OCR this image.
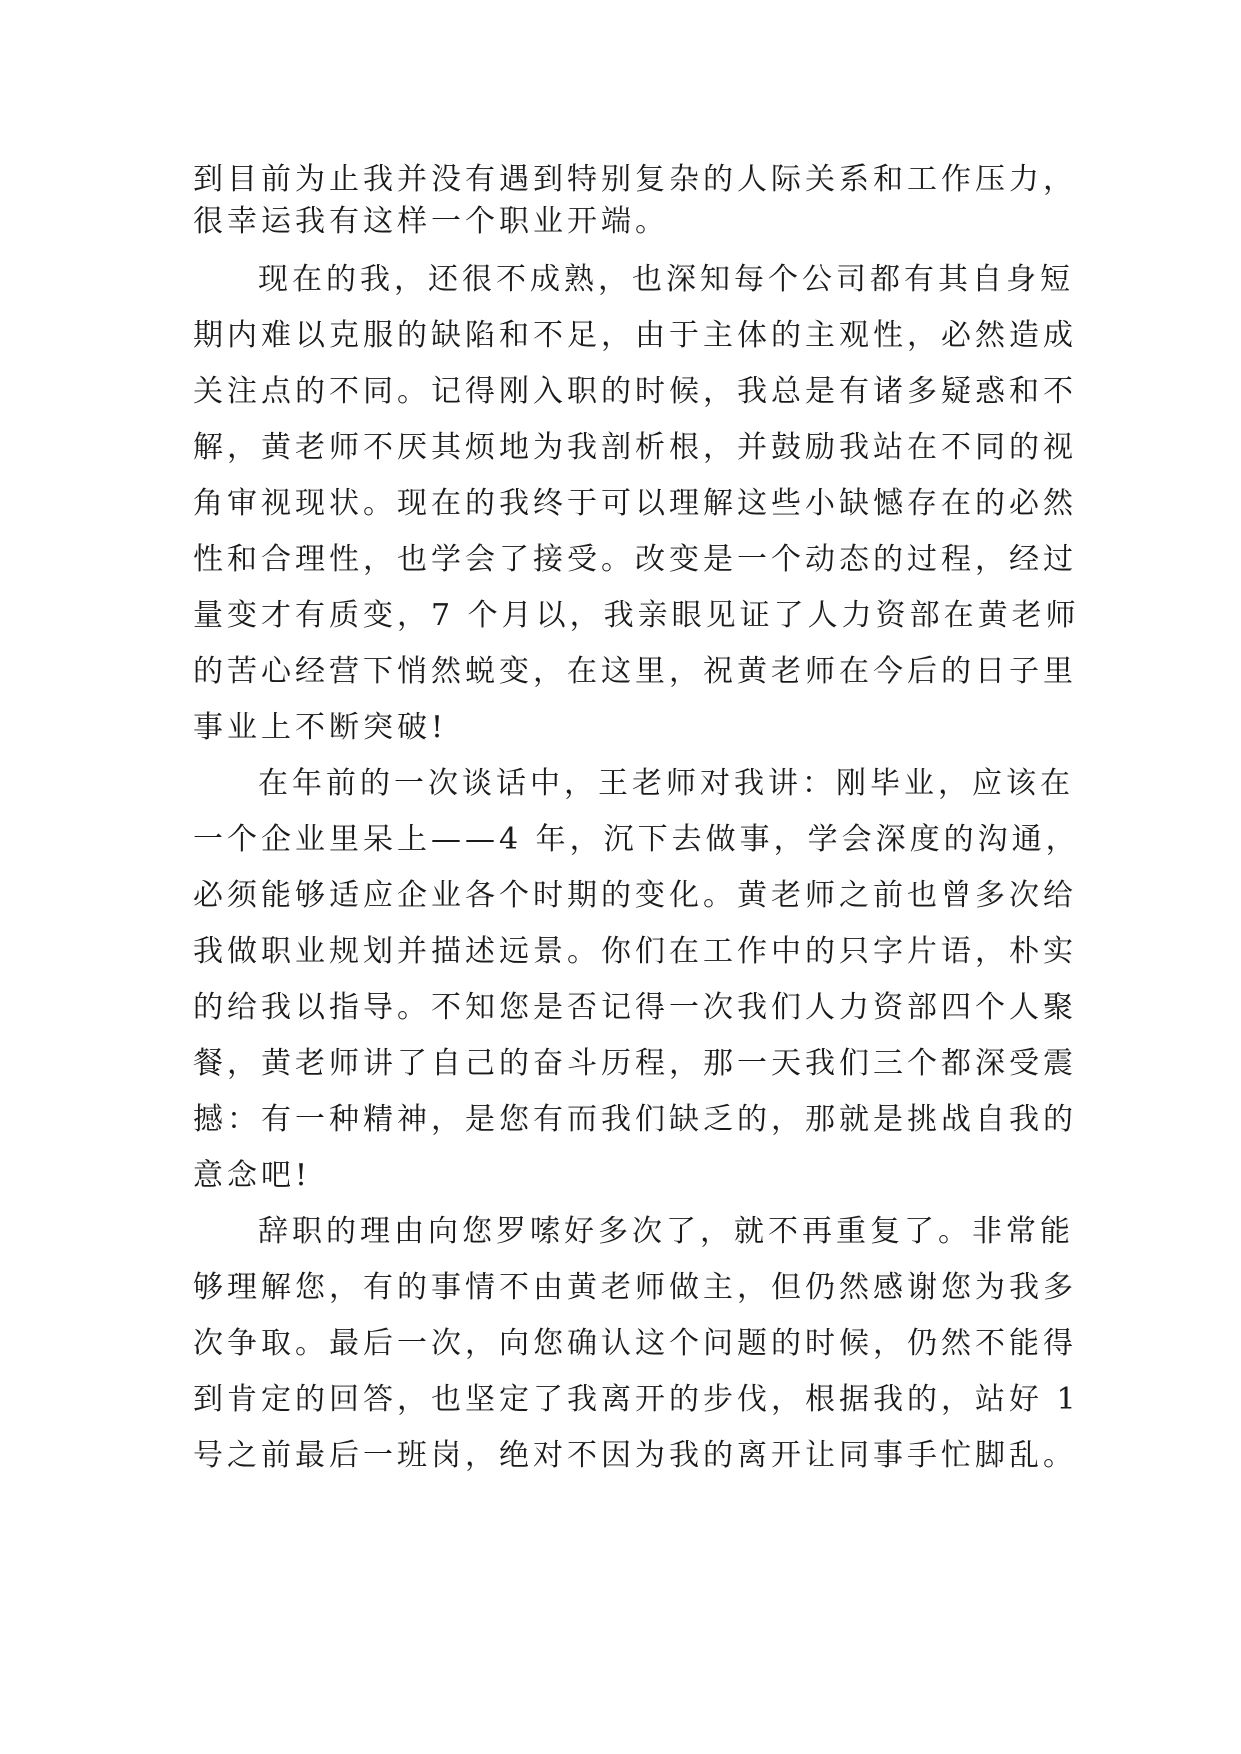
到目前为止我并没有遇到特别复杂的人际关系和工作压力，
很幸运我有这样一个职业开端。
现在的我，还很不成熟，也深知每个公司都有其自身短
期内难以克服的缺陷和不足，由于主体的主观性，必然造成
关注点的不同。记得刚入职的时候，我总是有诸多疑惑和不
解，黄老师不厌其烦地为我剖析根，并鼓励我站在不同的视
角审视现状。现在的我终于可以理解这些小缺憾存在的必然
性和合理性，也学会了接受。改变是一个动态的过程，经过
量变才有质变，7 个月以，我亲眼见证了人力资部在黄老师
的苦心经营下悄然蜕变，在这里，祝黄老师在今后的日子里
事业上不断突破!
在年前的一次谈话中，王老师对我讲：刚毕业，应该在
一个企业里呆上——4 年，沉下去做事，学会深度的沟通，
必须能够适应企业各个时期的变化。黄老师之前也曾多次给
我做职业规划并描述远景。你们在工作中的只字片语，朴实
的给我以指导。不知您是否记得一次我们人力资部四个人聚
餐，黄老师讲了自己的奋斗历程，那一天我们三个都深受震
撼：有一种精神，是您有而我们缺乏的，那就是挑战自我的
意念吧!
辞职的理由向您罗嗦好多次了，就不再重复了。非常能
够理解您，有的事情不由黄老师做主，但仍然感谢您为我多
次争取。最后一次，向您确认这个问题的时候，仍然不能得
到肯定的回答，也坚定了我离开的步伐，根据我的，站好 1
号之前最后一班岗，绝对不因为我的离开让同事手忙脚乱。
